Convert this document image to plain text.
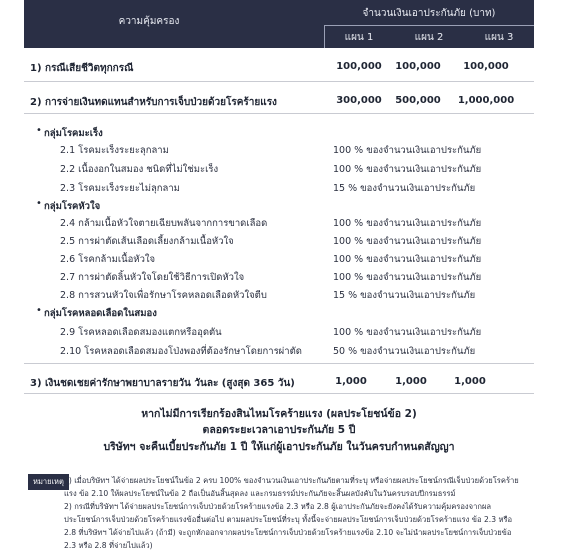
ความคุ้มครอง
จำนวนเงินเอาประกันภัย (บาท)
แผน 1	แผน 2	แผน 3
1) กรณีเสียชีวิตทุกกรณี	100,000	100,000	100,000
2) การจ่ายเงินทดแทนสำหรับการเจ็บป่วยด้วยโรคร้ายแรง	300,000	500,000	1,000,000
• กลุ่มโรคมะเร็ง
2.1 โรคมะเร็งระยะลุกลาม	100 % ของจำนวนเงินเอาประกันภัย
2.2 เนื้องอกในสมอง ชนิดที่ไม่ใช่มะเร็ง	100 % ของจำนวนเงินเอาประกันภัย
2.3 โรคมะเร็งระยะไม่ลุกลาม	15 % ของจำนวนเงินเอาประกันภัย
• กลุ่มโรคหัวใจ
2.4 กล้ามเนื้อหัวใจตายเฉียบพลันจากการขาดเลือด	100 % ของจำนวนเงินเอาประกันภัย
2.5 การผ่าตัดเส้นเลือดเลี้ยงกล้ามเนื้อหัวใจ	100 % ของจำนวนเงินเอาประกันภัย
2.6 โรคกล้ามเนื้อหัวใจ	100 % ของจำนวนเงินเอาประกันภัย
2.7 การผ่าตัดลิ้นหัวใจโดยใช้วิธีการเปิดหัวใจ	100 % ของจำนวนเงินเอาประกันภัย
2.8 การสวนหัวใจเพื่อรักษาโรคหลอดเลือดหัวใจตีบ	15 % ของจำนวนเงินเอาประกันภัย
• กลุ่มโรคหลอดเลือดในสมอง
2.9 โรคหลอดเลือดสมองแตกหรืออุดตัน	100 % ของจำนวนเงินเอาประกันภัย
2.10 โรคหลอดเลือดสมองโป่งพองที่ต้องรักษาโดยการผ่าตัด	50 % ของจำนวนเงินเอาประกันภัย
3) เงินชดเชยค่ารักษาพยาบาลรายวัน วันละ (สูงสุด 365 วัน)	1,000	1,000	1,000
หากไม่มีการเรียกร้องสินไหมโรคร้ายแรง (ผลประโยชน์ข้อ 2)
ตลอดระยะเวลาเอาประกันภัย 5 ปี
บริษัทฯ จะคืนเบี้ยประกันภัย 1 ปี ให้แก่ผู้เอาประกันภัย ในวันครบกำหนดสัญญา
หมายเหตุ 1) เมื่อบริษัทฯ ได้จ่ายผลประโยชน์ในข้อ 2 ครบ 100% ของจำนวนเงินเอาประกันภัยตามที่ระบุ หรือจ่ายผลประโยชน์กรณีเจ็บป่วยด้วยโรคร้าย
แรง ข้อ 2.10 ให้ผลประโยชน์ในข้อ 2 ถือเป็นอันสิ้นสุดลง และกรมธรรม์ประกันภัยจะสิ้นผลบังคับในวันครบรอบปีกรมธรรม์
2) กรณีที่บริษัทฯ ได้จ่ายผลประโยชน์การเจ็บป่วยด้วยโรคร้ายแรงข้อ 2.3 หรือ 2.8 ผู้เอาประกันภัยจะยังคงได้รับความคุ้มครองจากผล
ประโยชน์การเจ็บป่วยด้วยโรคร้ายแรงข้ออื่นต่อไป ตามผลประโยชน์ที่ระบุ ทั้งนี้จะจ่ายผลประโยชน์การเจ็บป่วยด้วยโรคร้ายแรง ข้อ 2.3 หรือ
2.8 ที่บริษัทฯ ได้จ่ายไปแล้ว (ถ้ามี) จะถูกหักออกจากผลประโยชน์การเจ็บป่วยด้วยโรคร้ายแรงข้อ 2.10 จะไม่นำผลประโยชน์การเจ็บป่วยข้อ
2.3 หรือ 2.8 ที่จ่ายไปแล้ว)
